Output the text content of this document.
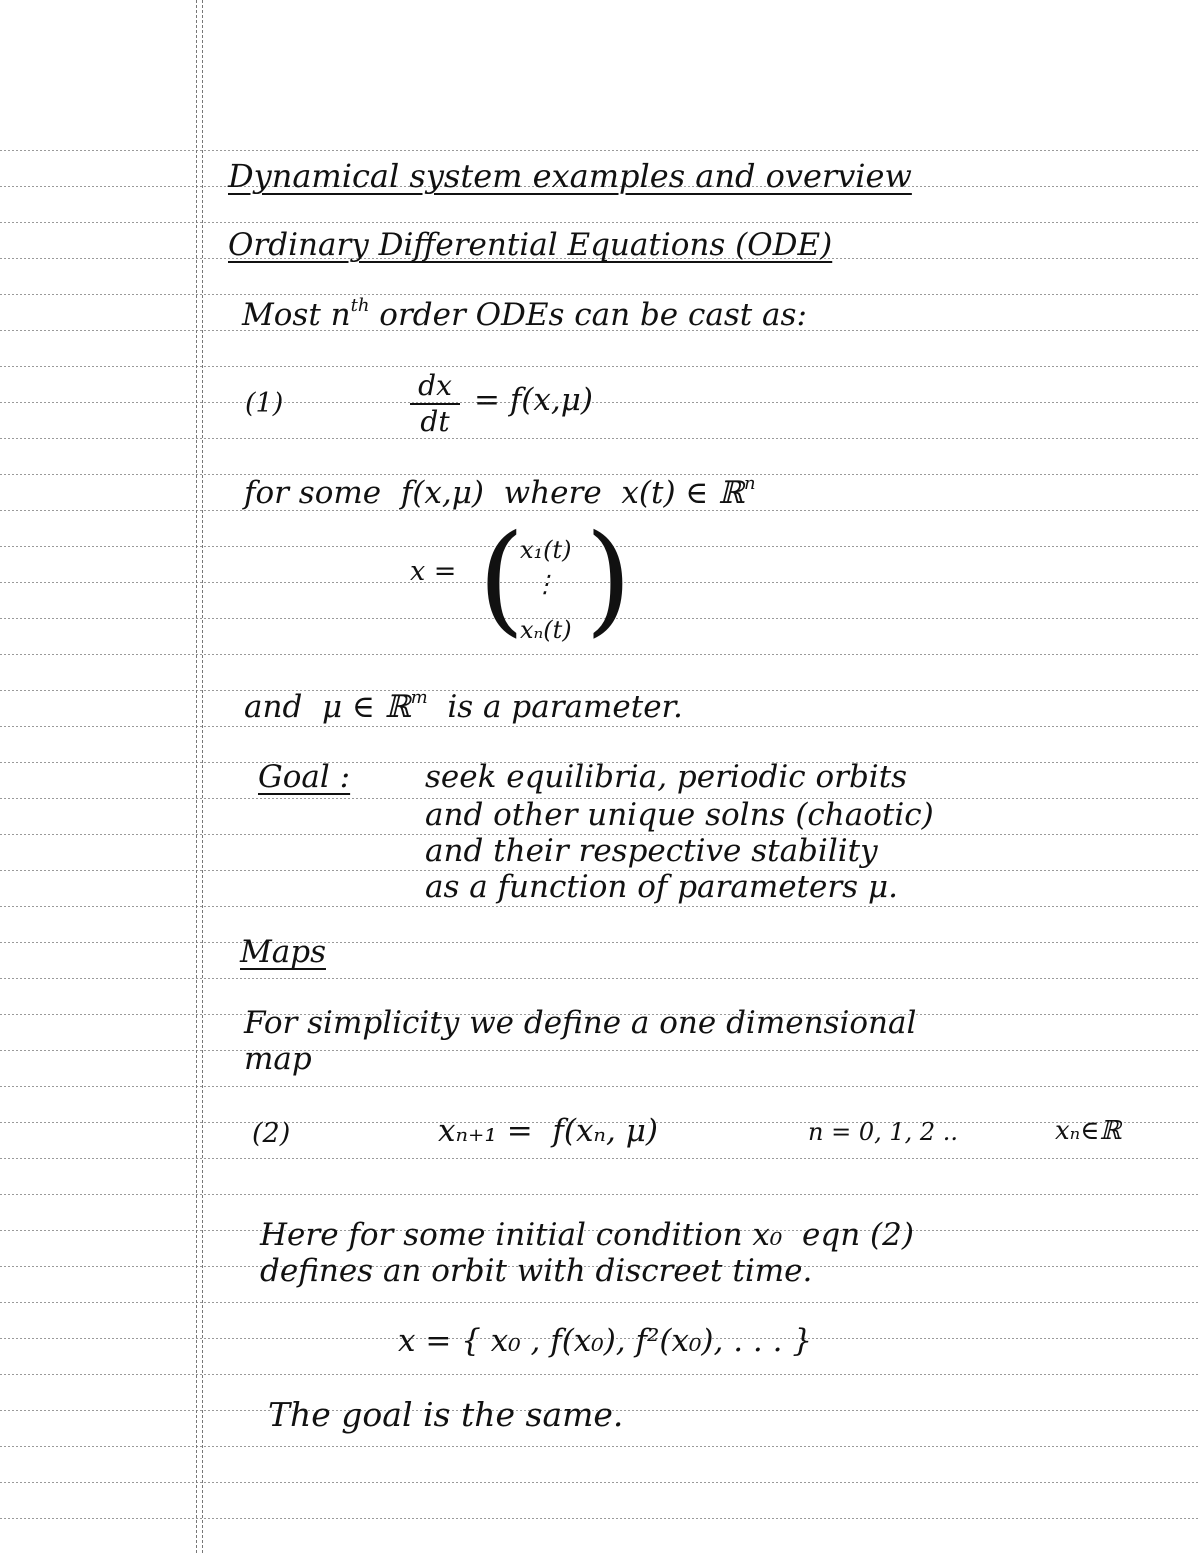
Dynamical system examples and overview
Ordinary Differential Equations (ODE)
Most $n^{th}$ order ODEs can be cast as:
(1)
dx
dt
= f(x,μ)
for some  f(x,μ)  where  x(t) ∈ ℝ$^n$
x = ( )
x₁(t)
⋮
xₙ(t)
and  μ ∈ ℝ$^m$  is a parameter.
Goal : seek equilibria, periodic orbits
and other unique solns (chaotic)
and their respective stability
as a function of parameters μ.
Maps
For simplicity we define a one dimensional
map
(2)	xₙ₊₁ =  f(xₙ, μ)	n = 0, 1, 2 ..	xₙ∈ℝ
Here for some initial condition x₀  eqn (2)
defines an orbit with discreet time.
x = { x₀ , f(x₀), f²(x₀), . . . }
The goal is the same.
